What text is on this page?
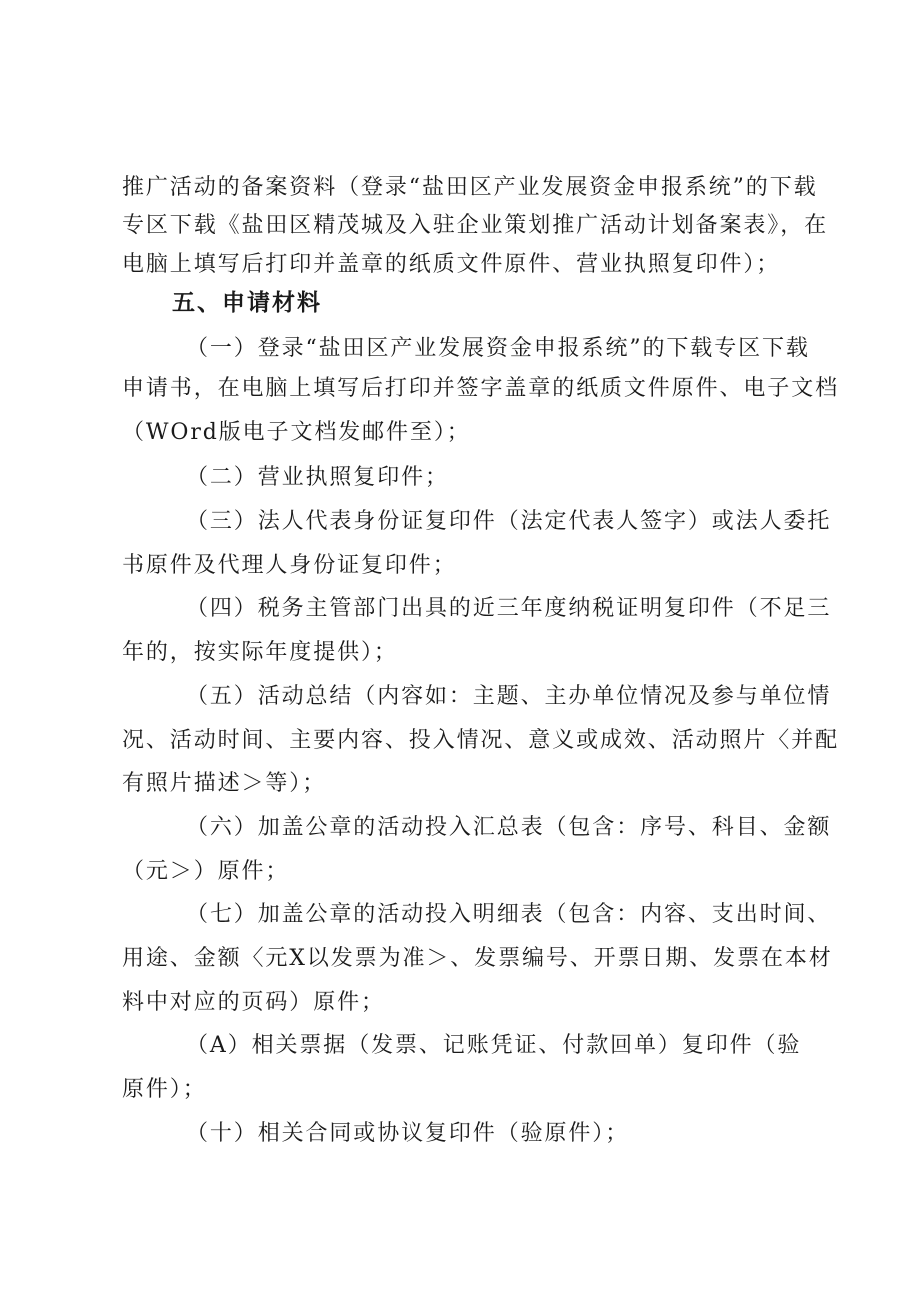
推广活动的备案资料（登录“盐田区产业发展资金申报系统”的下载
专区下载《盐田区精茂城及入驻企业策划推广活动计划备案表》，在
电脑上填写后打印并盖章的纸质文件原件、营业执照复印件）；
五、申请材料
（一）登录“盐田区产业发展资金申报系统”的下载专区下载
申请书，在电脑上填写后打印并签字盖章的纸质文件原件、电子文档
（WOrd版电子文档发邮件至）；
（二）营业执照复印件；
（三）法人代表身份证复印件（法定代表人签字）或法人委托
书原件及代理人身份证复印件；
（四）税务主管部门出具的近三年度纳税证明复印件（不足三
年的，按实际年度提供）；
（五）活动总结（内容如：主题、主办单位情况及参与单位情
况、活动时间、主要内容、投入情况、意义或成效、活动照片〈并配
有照片描述＞等）；
（六）加盖公章的活动投入汇总表（包含：序号、科目、金额
（元＞）原件；
（七）加盖公章的活动投入明细表（包含：内容、支出时间、
用途、金额〈元X以发票为准＞、发票编号、开票日期、发票在本材
料中对应的页码）原件；
（A）相关票据（发票、记账凭证、付款回单）复印件（验
原件）；
（十）相关合同或协议复印件（验原件）；
